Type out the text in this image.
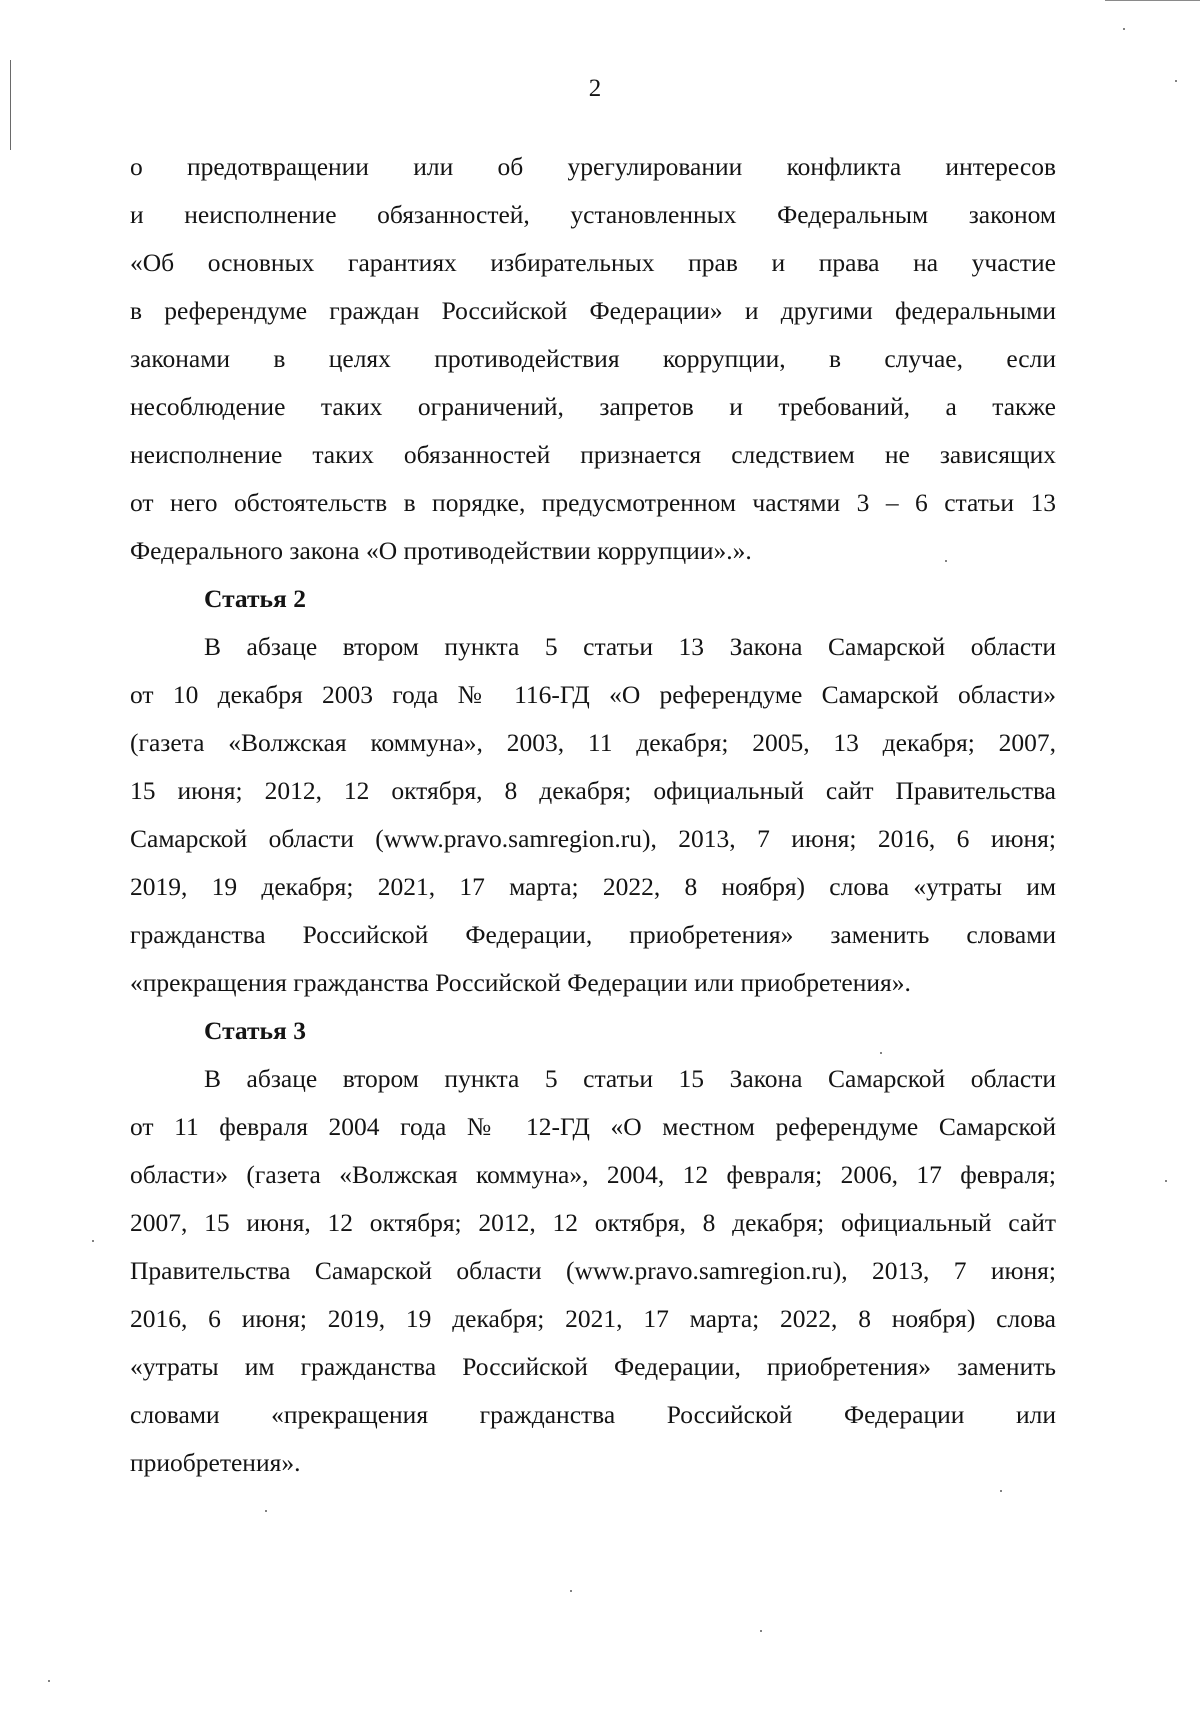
2
о предотвращении или об урегулировании конфликта интересов
и неисполнение обязанностей, установленных Федеральным законом
«Об основных гарантиях избирательных прав и права на участие
в референдуме граждан Российской Федерации» и другими федеральными
законами в целях противодействия коррупции, в случае, если
несоблюдение таких ограничений, запретов и требований, а также
неисполнение таких обязанностей признается следствием не зависящих
от него обстоятельств в порядке, предусмотренном частями 3 – 6 статьи 13
Федерального закона «О противодействии коррупции».».
Статья 2
В абзаце втором пункта 5 статьи 13 Закона Самарской области
от 10 декабря 2003 года № 116-ГД «О референдуме Самарской области»
(газета «Волжская коммуна», 2003, 11 декабря; 2005, 13 декабря; 2007,
15 июня; 2012, 12 октября, 8 декабря; официальный сайт Правительства
Самарской области (www.pravo.samregion.ru), 2013, 7 июня; 2016, 6 июня;
2019, 19 декабря; 2021, 17 марта; 2022, 8 ноября) слова «утраты им
гражданства Российской Федерации, приобретения» заменить словами
«прекращения гражданства Российской Федерации или приобретения».
Статья 3
В абзаце втором пункта 5 статьи 15 Закона Самарской области
от 11 февраля 2004 года № 12-ГД «О местном референдуме Самарской
области» (газета «Волжская коммуна», 2004, 12 февраля; 2006, 17 февраля;
2007, 15 июня, 12 октября; 2012, 12 октября, 8 декабря; официальный сайт
Правительства Самарской области (www.pravo.samregion.ru), 2013, 7 июня;
2016, 6 июня; 2019, 19 декабря; 2021, 17 марта; 2022, 8 ноября) слова
«утраты им гражданства Российской Федерации, приобретения» заменить
словами «прекращения гражданства Российской Федерации или
приобретения».
